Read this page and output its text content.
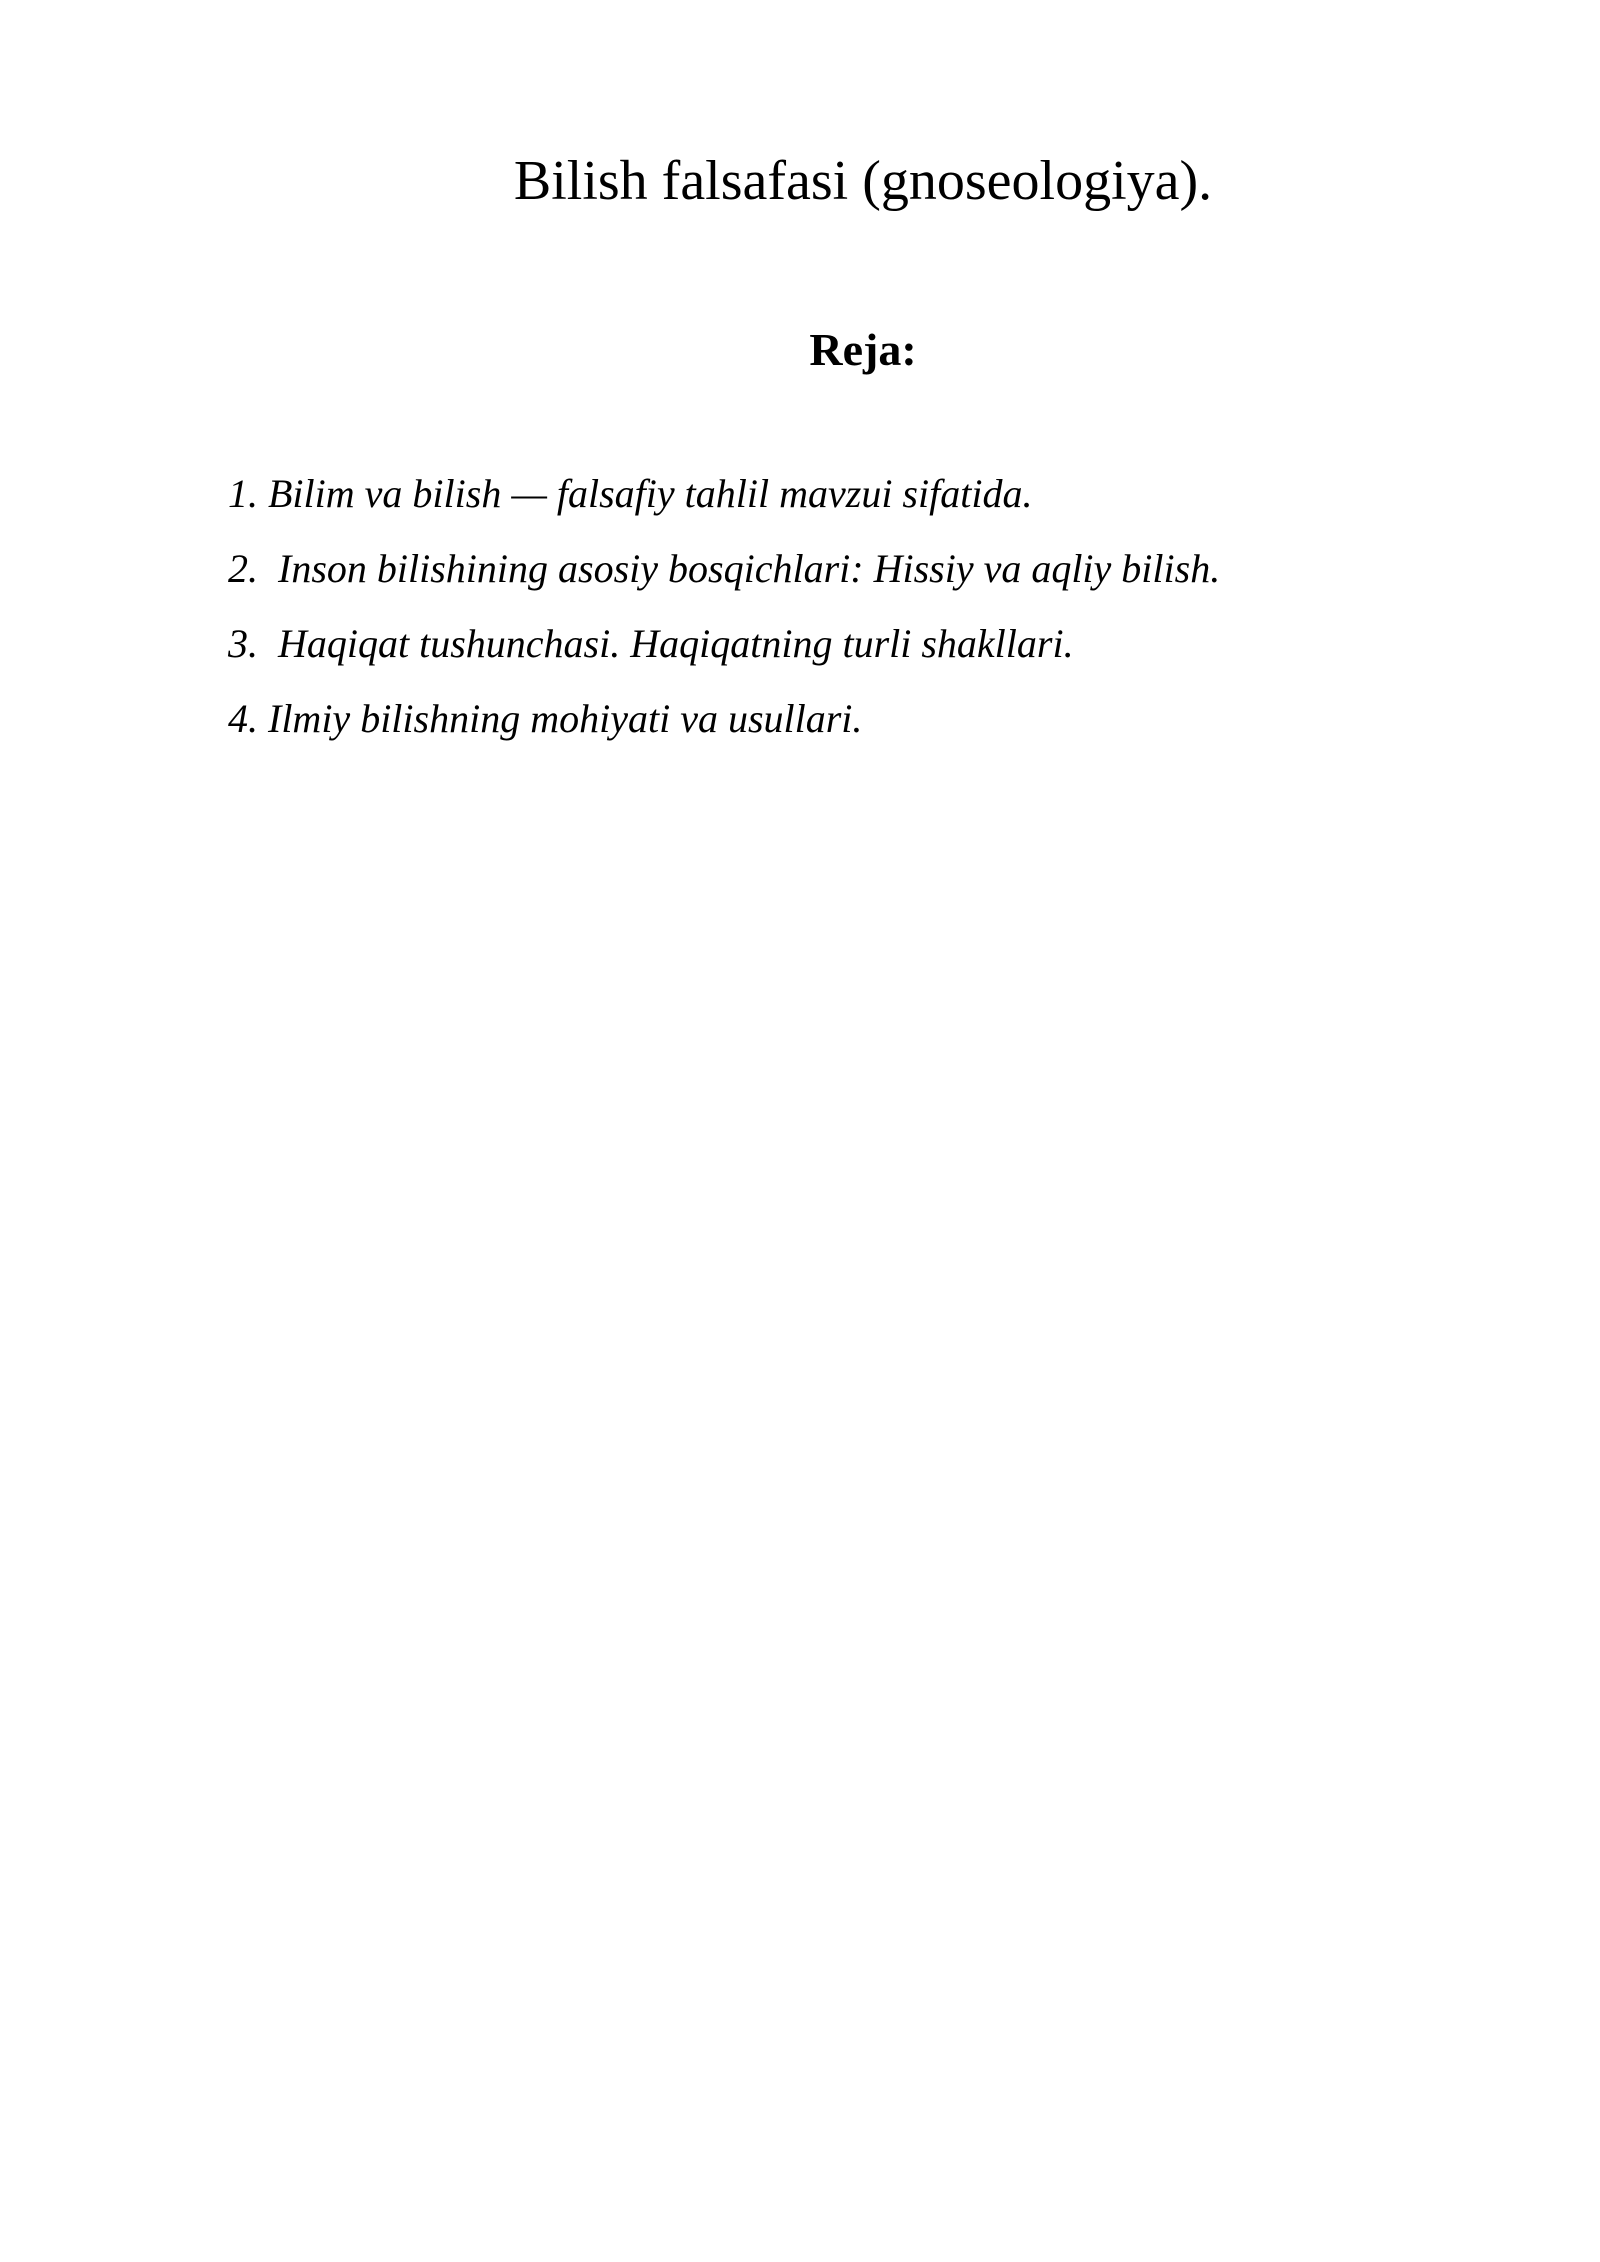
Bilish falsafasi (gnoseologiya).
Reja:
1. Bilim va bilish — falsafiy tahlil mavzui sifatida.
2.  Inson bilishining asosiy bosqichlari: Hissiy va aqliy bilish.
3.  Haqiqat tushunchasi. Haqiqatning turli shakllari.
4. Ilmiy bilishning mohiyati va usullari.
